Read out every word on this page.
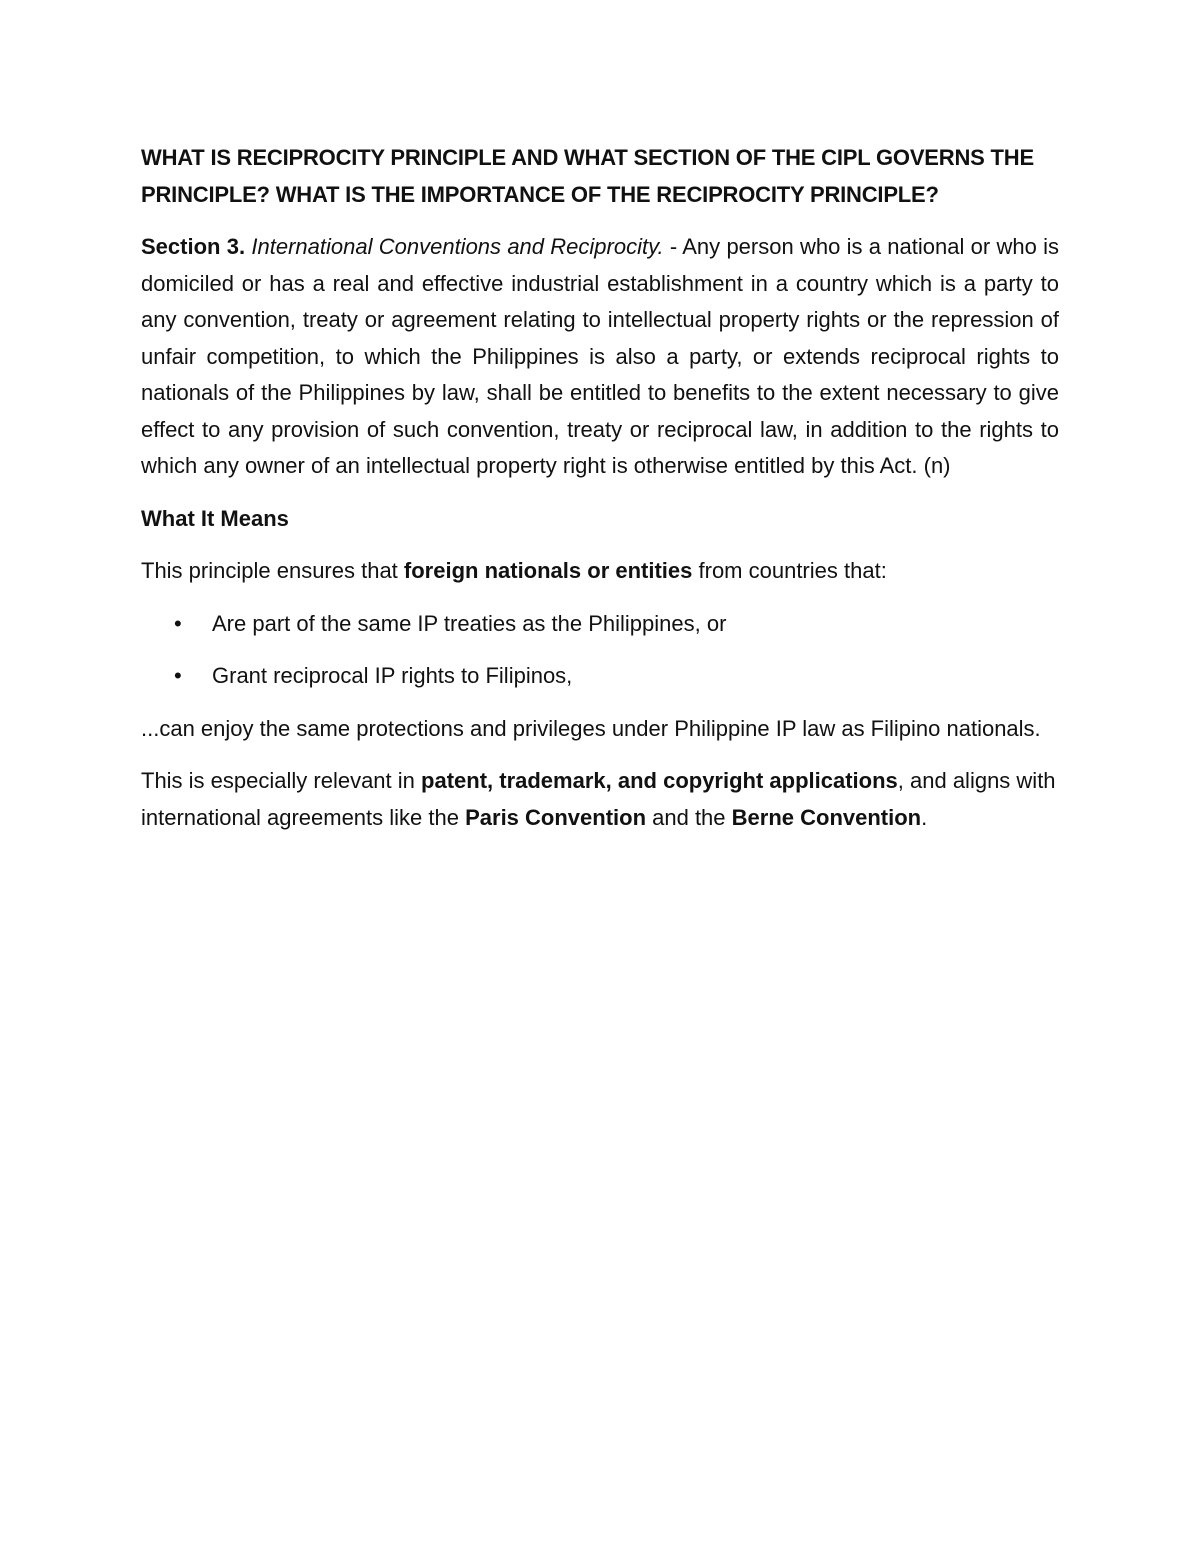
WHAT IS RECIPROCITY PRINCIPLE AND WHAT SECTION OF THE CIPL GOVERNS THE PRINCIPLE? WHAT IS THE IMPORTANCE OF THE RECIPROCITY PRINCIPLE?

Section 3. International Conventions and Reciprocity. - Any person who is a national or who is domiciled or has a real and effective industrial establishment in a country which is a party to any convention, treaty or agreement relating to intellectual property rights or the repression of unfair competition, to which the Philippines is also a party, or extends reciprocal rights to nationals of the Philippines by law, shall be entitled to benefits to the extent necessary to give effect to any provision of such convention, treaty or reciprocal law, in addition to the rights to which any owner of an intellectual property right is otherwise entitled by this Act. (n)

What It Means

This principle ensures that foreign nationals or entities from countries that:

• Are part of the same IP treaties as the Philippines, or
• Grant reciprocal IP rights to Filipinos,

...can enjoy the same protections and privileges under Philippine IP law as Filipino nationals.

This is especially relevant in patent, trademark, and copyright applications, and aligns with international agreements like the Paris Convention and the Berne Convention.
